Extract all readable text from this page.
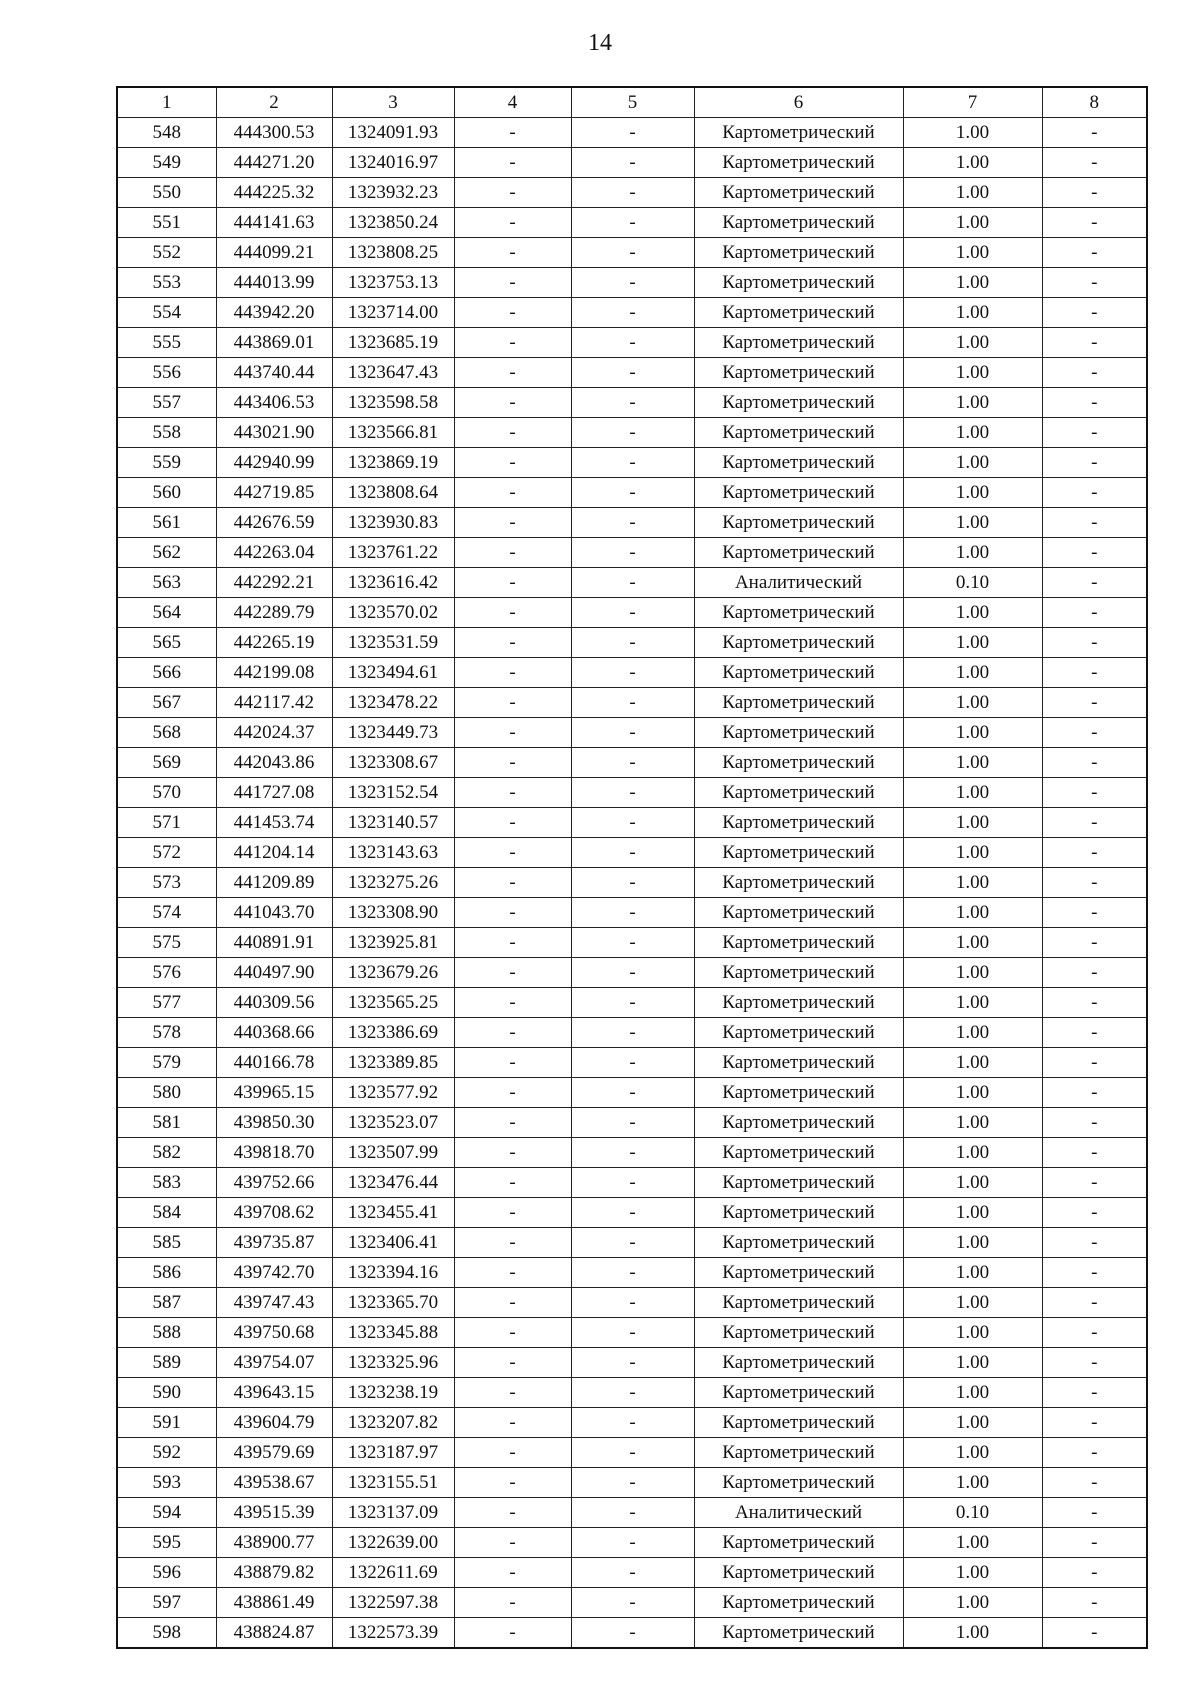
14
1	2	3	4	5	6	7	8
548	444300.53	1324091.93	-	-	Картометрический	1.00	-
549	444271.20	1324016.97	-	-	Картометрический	1.00	-
550	444225.32	1323932.23	-	-	Картометрический	1.00	-
551	444141.63	1323850.24	-	-	Картометрический	1.00	-
552	444099.21	1323808.25	-	-	Картометрический	1.00	-
553	444013.99	1323753.13	-	-	Картометрический	1.00	-
554	443942.20	1323714.00	-	-	Картометрический	1.00	-
555	443869.01	1323685.19	-	-	Картометрический	1.00	-
556	443740.44	1323647.43	-	-	Картометрический	1.00	-
557	443406.53	1323598.58	-	-	Картометрический	1.00	-
558	443021.90	1323566.81	-	-	Картометрический	1.00	-
559	442940.99	1323869.19	-	-	Картометрический	1.00	-
560	442719.85	1323808.64	-	-	Картометрический	1.00	-
561	442676.59	1323930.83	-	-	Картометрический	1.00	-
562	442263.04	1323761.22	-	-	Картометрический	1.00	-
563	442292.21	1323616.42	-	-	Аналитический	0.10	-
564	442289.79	1323570.02	-	-	Картометрический	1.00	-
565	442265.19	1323531.59	-	-	Картометрический	1.00	-
566	442199.08	1323494.61	-	-	Картометрический	1.00	-
567	442117.42	1323478.22	-	-	Картометрический	1.00	-
568	442024.37	1323449.73	-	-	Картометрический	1.00	-
569	442043.86	1323308.67	-	-	Картометрический	1.00	-
570	441727.08	1323152.54	-	-	Картометрический	1.00	-
571	441453.74	1323140.57	-	-	Картометрический	1.00	-
572	441204.14	1323143.63	-	-	Картометрический	1.00	-
573	441209.89	1323275.26	-	-	Картометрический	1.00	-
574	441043.70	1323308.90	-	-	Картометрический	1.00	-
575	440891.91	1323925.81	-	-	Картометрический	1.00	-
576	440497.90	1323679.26	-	-	Картометрический	1.00	-
577	440309.56	1323565.25	-	-	Картометрический	1.00	-
578	440368.66	1323386.69	-	-	Картометрический	1.00	-
579	440166.78	1323389.85	-	-	Картометрический	1.00	-
580	439965.15	1323577.92	-	-	Картометрический	1.00	-
581	439850.30	1323523.07	-	-	Картометрический	1.00	-
582	439818.70	1323507.99	-	-	Картометрический	1.00	-
583	439752.66	1323476.44	-	-	Картометрический	1.00	-
584	439708.62	1323455.41	-	-	Картометрический	1.00	-
585	439735.87	1323406.41	-	-	Картометрический	1.00	-
586	439742.70	1323394.16	-	-	Картометрический	1.00	-
587	439747.43	1323365.70	-	-	Картометрический	1.00	-
588	439750.68	1323345.88	-	-	Картометрический	1.00	-
589	439754.07	1323325.96	-	-	Картометрический	1.00	-
590	439643.15	1323238.19	-	-	Картометрический	1.00	-
591	439604.79	1323207.82	-	-	Картометрический	1.00	-
592	439579.69	1323187.97	-	-	Картометрический	1.00	-
593	439538.67	1323155.51	-	-	Картометрический	1.00	-
594	439515.39	1323137.09	-	-	Аналитический	0.10	-
595	438900.77	1322639.00	-	-	Картометрический	1.00	-
596	438879.82	1322611.69	-	-	Картометрический	1.00	-
597	438861.49	1322597.38	-	-	Картометрический	1.00	-
598	438824.87	1322573.39	-	-	Картометрический	1.00	-
